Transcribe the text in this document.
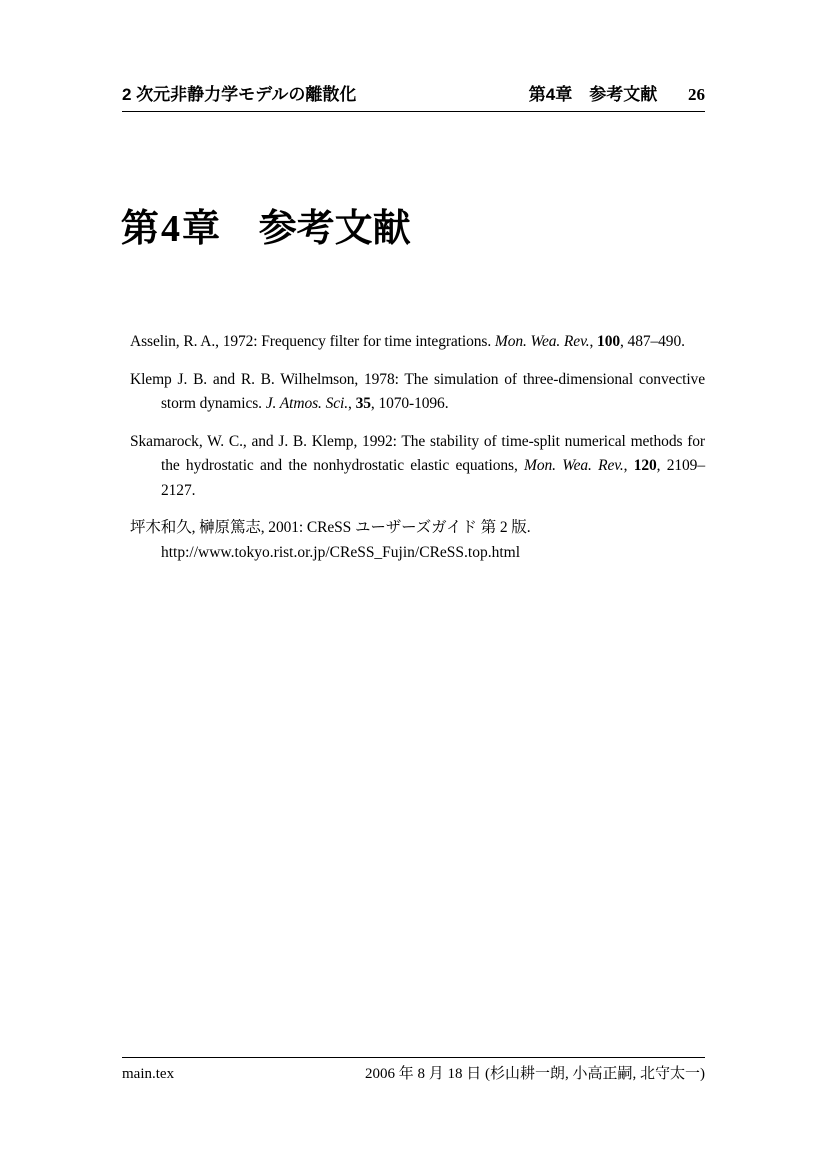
2 次元非静力学モデルの離散化	第4章　参考文献 26
第4章 参考文献
Asselin, R. A., 1972: Frequency filter for time integrations. Mon. Wea. Rev., 100, 487–490.
Klemp J. B. and R. B. Wilhelmson, 1978: The simulation of three-dimensional convective storm dynamics. J. Atmos. Sci., 35, 1070-1096.
Skamarock, W. C., and J. B. Klemp, 1992: The stability of time-split numerical methods for the hydrostatic and the nonhydrostatic elastic equations, Mon. Wea. Rev., 120, 2109–2127.
坪木和久, 榊原篤志, 2001: CReSS ユーザーズガイド 第 2 版.
http://www.tokyo.rist.or.jp/CReSS_Fujin/CReSS.top.html
main.tex	2006 年 8 月 18 日 (杉山耕一朗, 小高正嗣, 北守太一)
